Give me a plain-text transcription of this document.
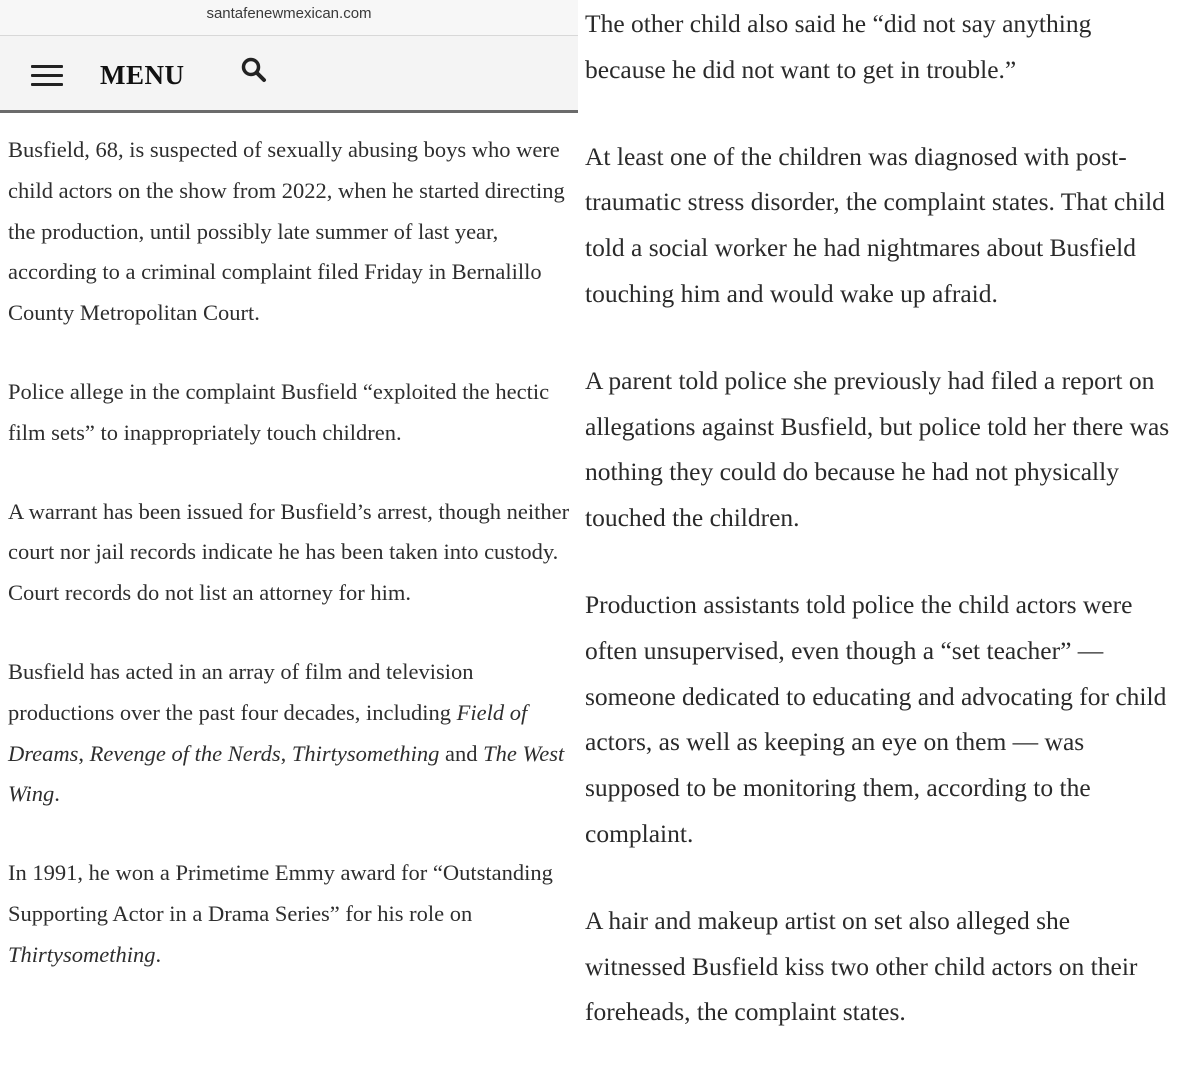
santafenewmexican.com
MENU

Busfield, 68, is suspected of sexually abusing boys who were child actors on the show from 2022, when he started directing the production, until possibly late summer of last year, according to a criminal complaint filed Friday in Bernalillo County Metropolitan Court.

Police allege in the complaint Busfield “exploited the hectic film sets” to inappropriately touch children.

A warrant has been issued for Busfield’s arrest, though neither court nor jail records indicate he has been taken into custody. Court records do not list an attorney for him.

Busfield has acted in an array of film and television productions over the past four decades, including Field of Dreams, Revenge of the Nerds, Thirtysomething and The West Wing.

In 1991, he won a Primetime Emmy award for “Outstanding Supporting Actor in a Drama Series” for his role on Thirtysomething.

The other child also said he “did not say anything because he did not want to get in trouble.”

At least one of the children was diagnosed with post-traumatic stress disorder, the complaint states. That child told a social worker he had nightmares about Busfield touching him and would wake up afraid.

A parent told police she previously had filed a report on allegations against Busfield, but police told her there was nothing they could do because he had not physically touched the children.

Production assistants told police the child actors were often unsupervised, even though a “set teacher” — someone dedicated to educating and advocating for child actors, as well as keeping an eye on them — was supposed to be monitoring them, according to the complaint.

A hair and makeup artist on set also alleged she witnessed Busfield kiss two other child actors on their foreheads, the complaint states.
